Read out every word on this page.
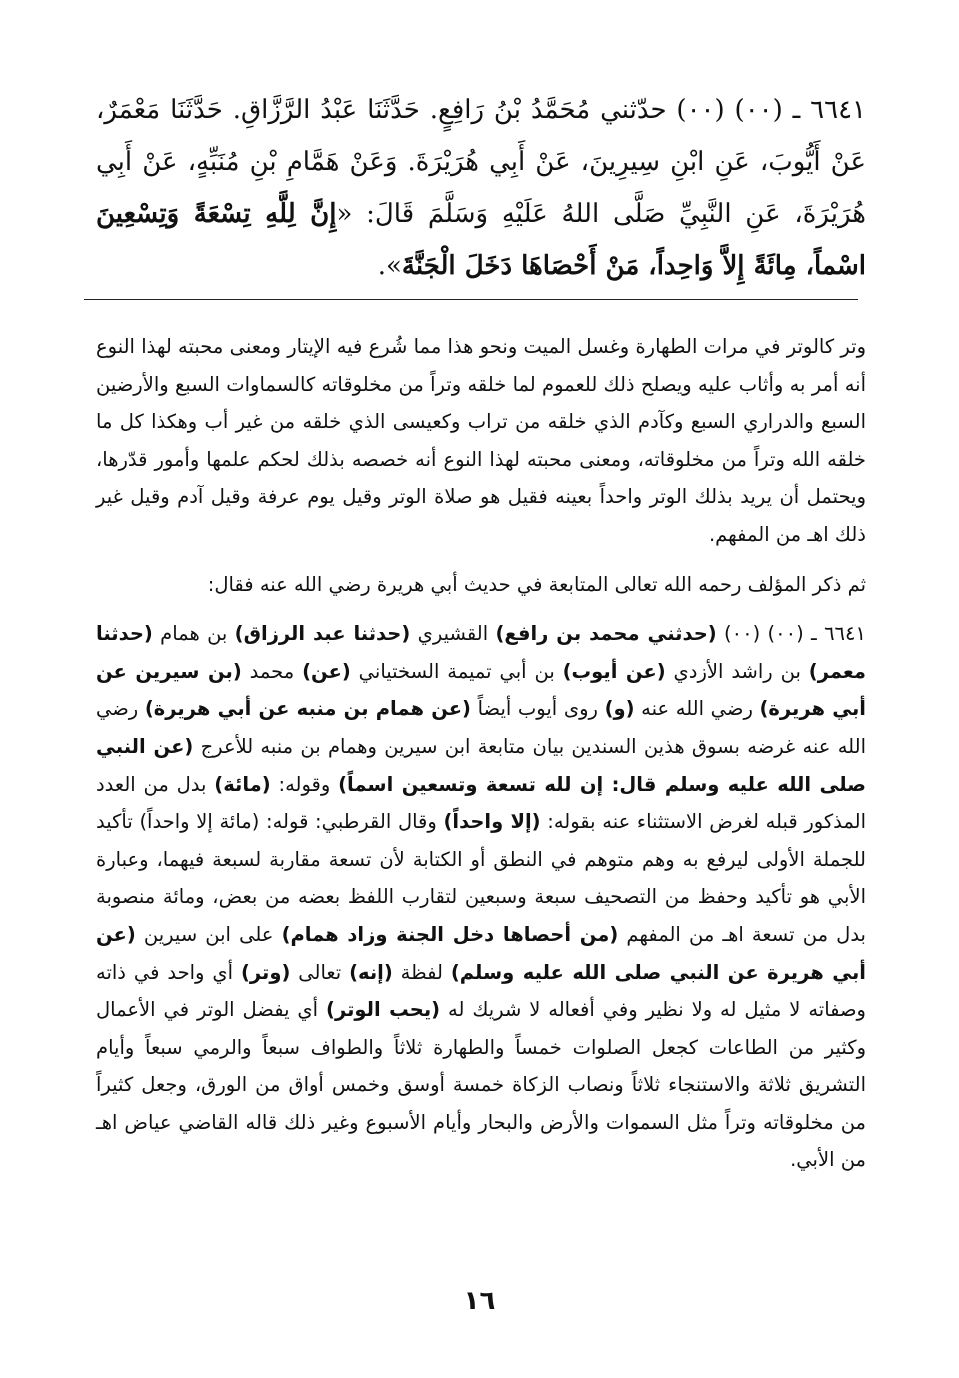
٦٦٤١ ـ (٠٠) (٠٠) حدّثني مُحَمَّدُ بْنُ رَافِعٍ. حَدَّثَنَا عَبْدُ الرَّزَّاقِ. حَدَّثَنَا مَعْمَرٌ، عَنْ أَيُّوبَ، عَنِ ابْنِ سِيرِينَ، عَنْ أَبِي هُرَيْرَةَ. وَعَنْ هَمَّامِ بْنِ مُنَبِّهٍ، عَنْ أَبِي هُرَيْرَةَ، عَنِ النَّبِيِّ صَلَّى اللهُ عَلَيْهِ وَسَلَّمَ قَالَ: «إِنَّ لِلَّهِ تِسْعَةً وَتِسْعِينَ اسْماً، مِائَةً إِلاَّ وَاحِداً، مَنْ أَحْصَاهَا دَخَلَ الْجَنَّةَ».

وتر كالوتر في مرات الطهارة وغسل الميت ونحو هذا مما شُرع فيه الإيتار ومعنى محبته لهذا النوع أنه أمر به وأثاب عليه ويصلح ذلك للعموم لما خلقه وتراً من مخلوقاته كالسماوات السبع والأرضين السبع والدراري السبع وكآدم الذي خلقه من تراب وكعيسى الذي خلقه من غير أب وهكذا كل ما خلقه الله وتراً من مخلوقاته، ومعنى محبته لهذا النوع أنه خصصه بذلك لحكم علمها وأمور قدّرها، ويحتمل أن يريد بذلك الوتر واحداً بعينه فقيل هو صلاة الوتر وقيل يوم عرفة وقيل آدم وقيل غير ذلك اهـ من المفهم.

ثم ذكر المؤلف رحمه الله تعالى المتابعة في حديث أبي هريرة رضي الله عنه فقال:

٦٦٤١ ـ (٠٠) (٠٠) (حدثني محمد بن رافع) القشيري (حدثنا عبد الرزاق) بن همام (حدثنا معمر) بن راشد الأزدي (عن أيوب) بن أبي تميمة السختياني (عن) محمد (بن سيرين عن أبي هريرة) رضي الله عنه (و) روى أيوب أيضاً (عن همام بن منبه عن أبي هريرة) رضي الله عنه غرضه بسوق هذين السندين بيان متابعة ابن سيرين وهمام بن منبه للأعرج (عن النبي صلى الله عليه وسلم قال: إن لله تسعة وتسعين اسماً) وقوله: (مائة) بدل من العدد المذكور قبله لغرض الاستثناء عنه بقوله: (إلا واحداً) وقال القرطبي: قوله: (مائة إلا واحداً) تأكيد للجملة الأولى ليرفع به وهم متوهم في النطق أو الكتابة لأن تسعة مقاربة لسبعة فيهما، وعبارة الأبي هو تأكيد وحفظ من التصحيف سبعة وسبعين لتقارب اللفظ بعضه من بعض، ومائة منصوبة بدل من تسعة اهـ من المفهم (من أحصاها دخل الجنة وزاد همام) على ابن سيرين (عن أبي هريرة عن النبي صلى الله عليه وسلم) لفظة (إنه) تعالى (وتر) أي واحد في ذاته وصفاته لا مثيل له ولا نظير وفي أفعاله لا شريك له (يحب الوتر) أي يفضل الوتر في الأعمال وكثير من الطاعات كجعل الصلوات خمساً والطهارة ثلاثاً والطواف سبعاً والرمي سبعاً وأيام التشريق ثلاثة والاستنجاء ثلاثاً ونصاب الزكاة خمسة أوسق وخمس أواق من الورق، وجعل كثيراً من مخلوقاته وتراً مثل السموات والأرض والبحار وأيام الأسبوع وغير ذلك قاله القاضي عياض اهـ من الأبي.

١٦
